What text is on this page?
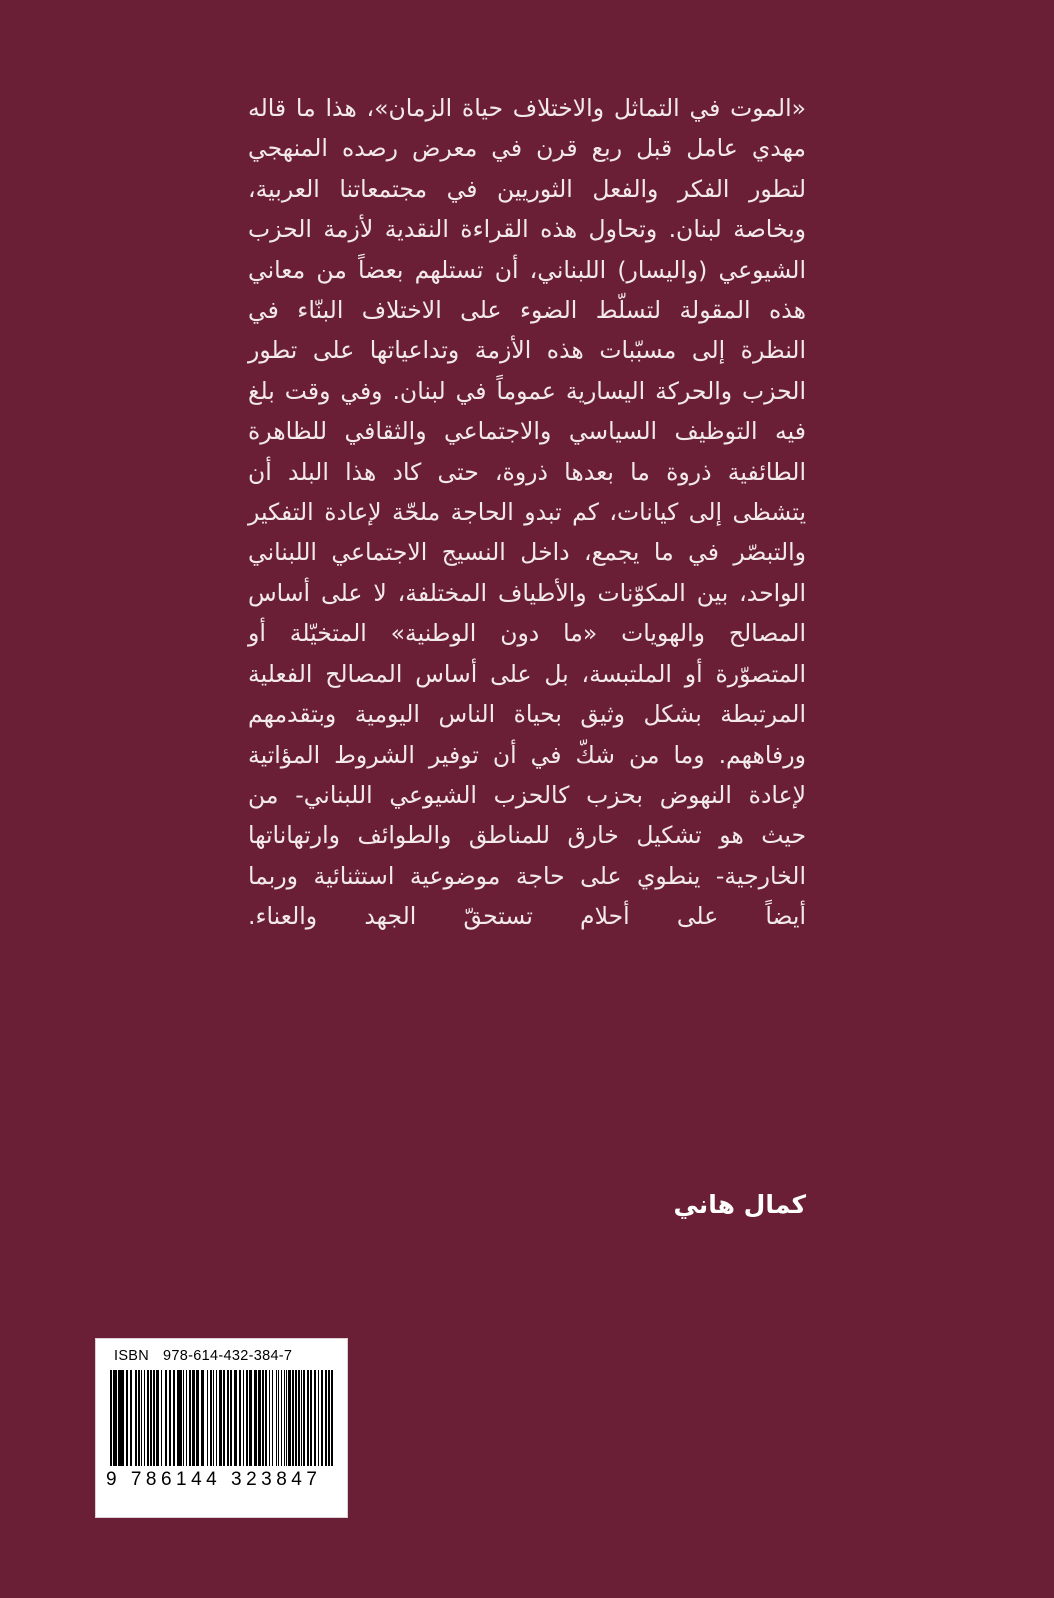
«الموت في التماثل والاختلاف حياة الزمان»، هذا ما قاله مهدي عامل قبل ربع قرن في معرض رصده المنهجي لتطور الفكر والفعل الثوريين في مجتمعاتنا العربية، وبخاصة لبنان. وتحاول هذه القراءة النقدية لأزمة الحزب الشيوعي (واليسار) اللبناني، أن تستلهم بعضاً من معاني هذه المقولة لتسلّط الضوء على الاختلاف البنّاء في النظرة إلى مسبّبات هذه الأزمة وتداعياتها على تطور الحزب والحركة اليسارية عموماً في لبنان. وفي وقت بلغ فيه التوظيف السياسي والاجتماعي والثقافي للظاهرة الطائفية ذروة ما بعدها ذروة، حتى كاد هذا البلد أن يتشظى إلى كيانات، كم تبدو الحاجة ملحّة لإعادة التفكير والتبصّر في ما يجمع، داخل النسيج الاجتماعي اللبناني الواحد، بين المكوّنات والأطياف المختلفة، لا على أساس المصالح والهويات «ما دون الوطنية» المتخيّلة أو المتصوّرة أو الملتبسة، بل على أساس المصالح الفعلية المرتبطة بشكل وثيق بحياة الناس اليومية وبتقدمهم ورفاههم. وما من شكّ في أن توفير الشروط المؤاتية لإعادة النهوض بحزب كالحزب الشيوعي اللبناني- من حيث هو تشكيل خارق للمناطق والطوائف وارتهاناتها الخارجية- ينطوي على حاجة موضوعية استثنائية وربما أيضاً على أحلام تستحقّ الجهد والعناء.

كمال هاني
ISBN 978-614-432-384-7
9 786144 323847
